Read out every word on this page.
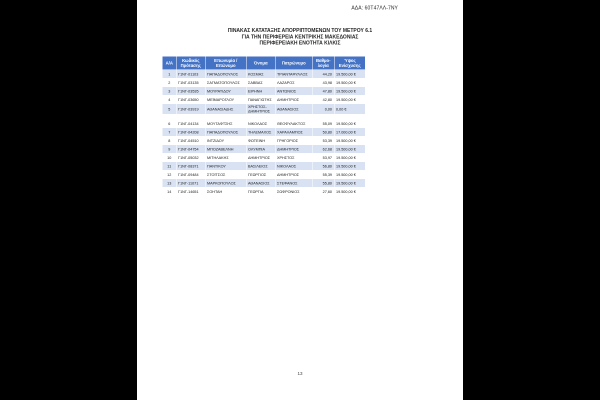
ΑΔΑ: 60Τ47ΛΛ-7ΝΥ
ΠΙΝΑΚΑΣ ΚΑΤΑΤΑΞΗΣ ΑΠΟΡΡΙΠΤΟΜΕΝΩΝ ΤΟΥ ΜΕΤΡΟΥ 6.1
ΓΙΑ ΤΗΝ ΠΕΡΙΦΕΡΕΙΑ ΚΕΝΤΡΙΚΗΣ ΜΑΚΕΔΟΝΙΑΣ
ΠΕΡΙΦΕΡΕΙΑΚΗ ΕΝΟΤΗΤΑ ΚΙΛΚΙΣ
Α/Α	Κωδικός Πρότασης	Επωνυμία / Επώνυμο	Όνομα	Πατρώνυμο	Βαθμο-λογία	Ύψος Ενίσχυσης
1	Γ1ΝΓ-01103	ΠΑΠΑΔΟΠΟΥΛΟΣ	ΚΟΣΜΑΣ	ΤΡΙΑΝΤΑΦΥΛΛΟΣ	44,20	19.500,00 €
2	Γ1ΝΓ-03135	ΣΑΓΜΑΤΟΠΟΥΛΟΣ	ΣΑΒΒΑΣ	ΛΑΖΑΡΟΣ	43,98	19.500,00 €
3	Γ1ΝΓ-03535	ΜΟΥΡΑΤΙΔΟΥ	ΕΙΡΗΝΗ	ΑΝΤΩΝΙΟΣ	47,80	19.500,00 €
4	Γ1ΝΓ-03650	ΜΕΪΜΑΡΟΓΛΟΥ	ΠΑΝΑΓΙΩΤΗΣ	ΔΗΜΗΤΡΙΟΣ	42,80	19.500,00 €
5	Γ1ΝΓ-03919	ΑΘΑΝΑΣΙΑΔΗΣ	ΧΡΗΣΤΟΣ-ΔΗΜΗΤΡΙΟΣ	ΑΘΑΝΑΣΙΟΣ	0,00	0,00 €

6	Γ1ΝΓ-04134	ΜΟΥΤΑΦΤΣΗΣ	ΝΙΚΟΛΑΟΣ	ΘΕΟΦΥΛΑΚΤΟΣ	55,09	19.500,00 €
7	Γ1ΝΓ-04208	ΠΑΠΑΔΟΠΟΥΛΟΣ	ΤΗΛΕΜΑΧΟΣ	ΧΑΡΑΛΑΜΠΟΣ	50,80	17.000,00 €
8	Γ1ΝΓ-04510	ΙΝΤΖΙΔΟΥ	ΦΩΤΕΙΝΗ	ΓΡΗΓΟΡΙΟΣ	53,39	19.500,00 €
9	Γ1ΝΓ-04754	ΜΠΟΖΑΒΕΛΝΗ	ΟΛΥΜΠΙΑ	ΔΗΜΗΤΡΙΟΣ	62,68	19.500,00 €
10	Γ1ΝΓ-05032	ΜΙΤΗΛΑΚΗΣ	ΔΗΜΗΤΡΙΟΣ	ΧΡΗΣΤΟΣ	53,97	19.500,00 €
11	Γ1ΝΓ-08371	ΠΑΝΤΙΚΟΥ	ΒΑΣΙΛΕΙΟΣ	ΝΙΚΟΛΑΟΣ	56,80	19.500,00 €
12	Γ1ΝΓ-09484	ΣΤΟΪΤΣΟΣ	ΓΕΩΡΓΙΟΣ	ΔΗΜΗΤΡΙΟΣ	55,39	19.500,00 €
13	Γ1ΝΓ-11071	ΜΑΡΚΟΠΟΥΛΟΣ	ΑΘΑΝΑΣΙΟΣ	ΣΤΕΦΑΝΟΣ	55,80	19.500,00 €
14	Γ1ΝΓ-14651	ΣΟΗΤΑΗ	ΓΕΩΡΓΙΑ	ΣΩΦΡΟΝΙΟΣ	27,60	19.500,00 €
13
